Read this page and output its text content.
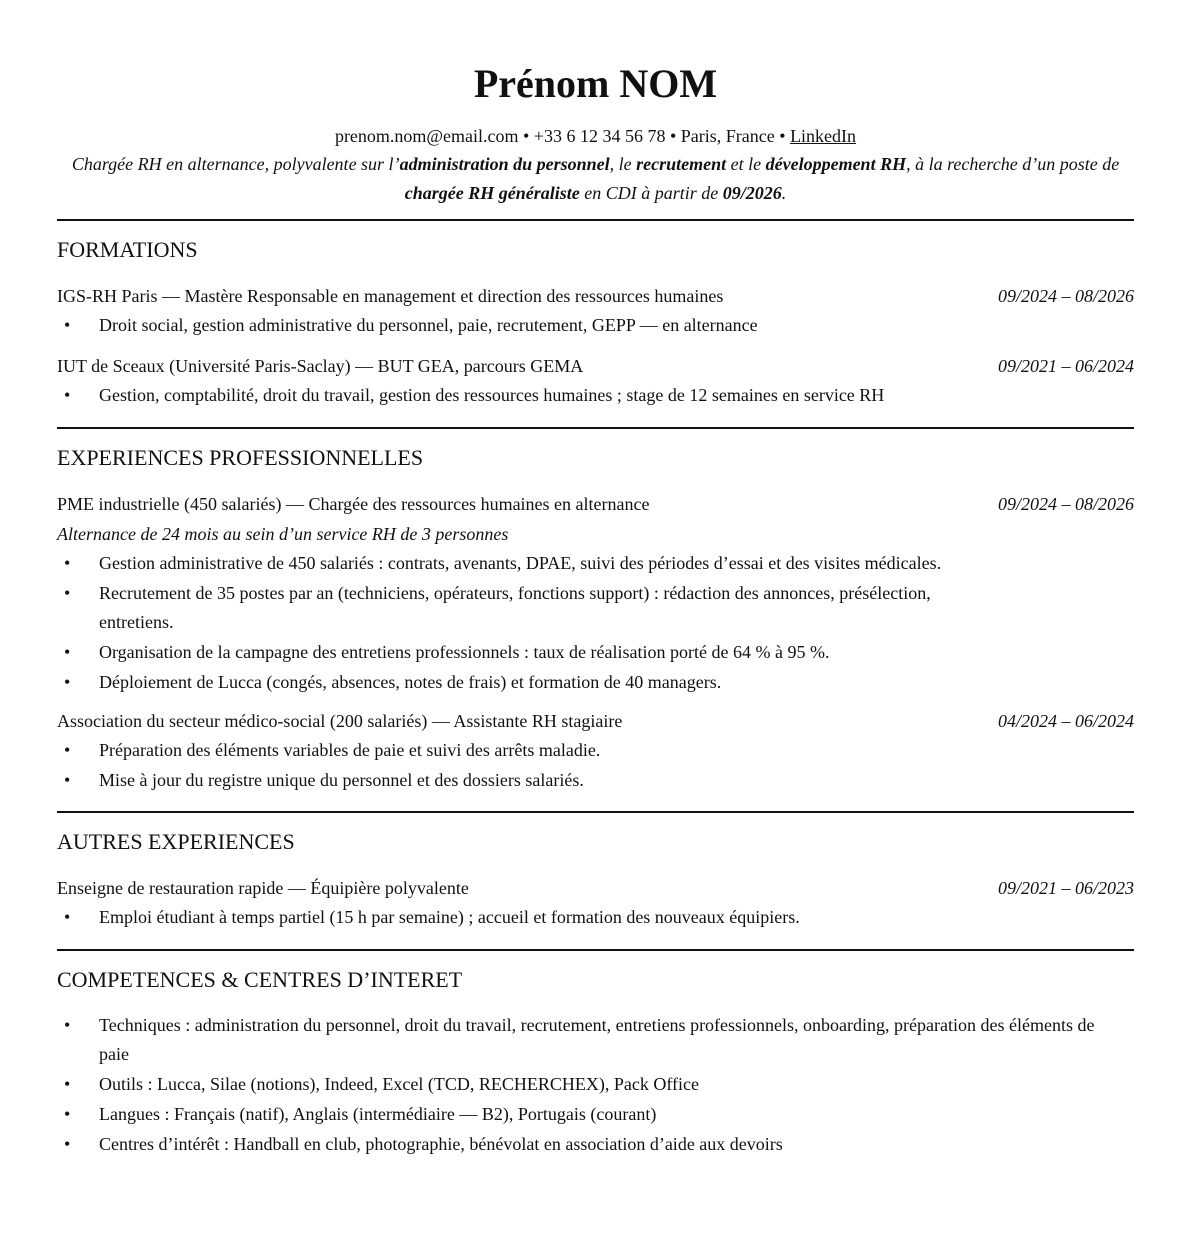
Prénom NOM
prenom.nom@email.com • +33 6 12 34 56 78 • Paris, France • LinkedIn
Chargée RH en alternance, polyvalente sur l’administration du personnel, le recrutement et le développement RH, à la recherche d’un poste de chargée RH généraliste en CDI à partir de 09/2026.
FORMATIONS
IGS-RH Paris — Mastère Responsable en management et direction des ressources humaines	09/2024 – 08/2026
• Droit social, gestion administrative du personnel, paie, recrutement, GEPP — en alternance
IUT de Sceaux (Université Paris-Saclay) — BUT GEA, parcours GEMA	09/2021 – 06/2024
• Gestion, comptabilité, droit du travail, gestion des ressources humaines ; stage de 12 semaines en service RH
EXPERIENCES PROFESSIONNELLES
PME industrielle (450 salariés) — Chargée des ressources humaines en alternance	09/2024 – 08/2026
Alternance de 24 mois au sein d’un service RH de 3 personnes
• Gestion administrative de 450 salariés : contrats, avenants, DPAE, suivi des périodes d’essai et des visites médicales.
• Recrutement de 35 postes par an (techniciens, opérateurs, fonctions support) : rédaction des annonces, présélection, entretiens.
• Organisation de la campagne des entretiens professionnels : taux de réalisation porté de 64 % à 95 %.
• Déploiement de Lucca (congés, absences, notes de frais) et formation de 40 managers.
Association du secteur médico-social (200 salariés) — Assistante RH stagiaire	04/2024 – 06/2024
• Préparation des éléments variables de paie et suivi des arrêts maladie.
• Mise à jour du registre unique du personnel et des dossiers salariés.
AUTRES EXPERIENCES
Enseigne de restauration rapide — Équipière polyvalente	09/2021 – 06/2023
• Emploi étudiant à temps partiel (15 h par semaine) ; accueil et formation des nouveaux équipiers.
COMPETENCES & CENTRES D’INTERET
• Techniques : administration du personnel, droit du travail, recrutement, entretiens professionnels, onboarding, préparation des éléments de paie
• Outils : Lucca, Silae (notions), Indeed, Excel (TCD, RECHERCHEX), Pack Office
• Langues : Français (natif), Anglais (intermédiaire — B2), Portugais (courant)
• Centres d’intérêt : Handball en club, photographie, bénévolat en association d’aide aux devoirs
